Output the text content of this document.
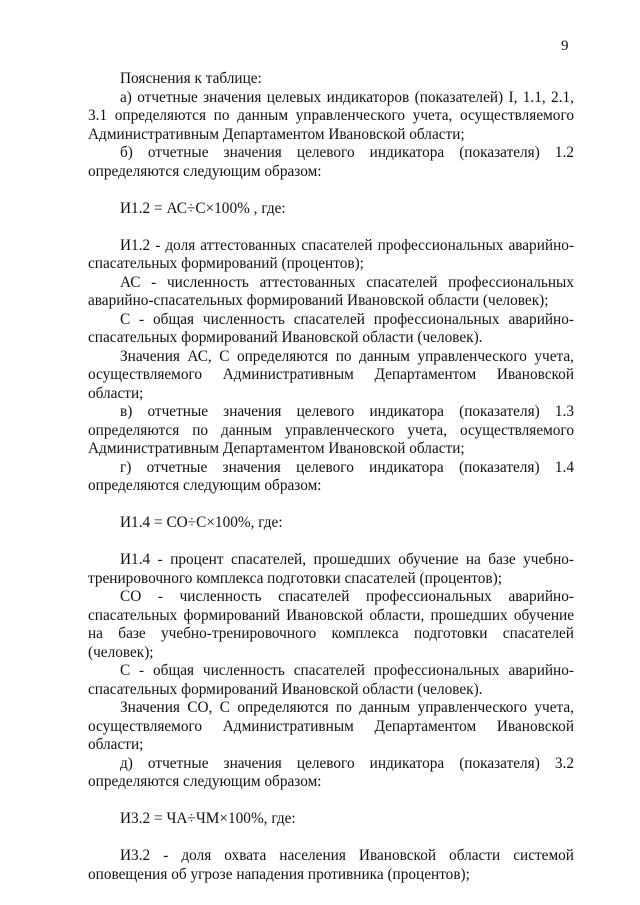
9

Пояснения к таблице:

а) отчетные значения целевых индикаторов (показателей) I, 1.1, 2.1, 3.1 определяются по данным управленческого учета, осуществляемого Административным Департаментом Ивановской области;

б) отчетные значения целевого индикатора (показателя) 1.2 определяются следующим образом:

И1.2 = АС÷С×100% , где:

И1.2 - доля аттестованных спасателей профессиональных аварийно-спасательных формирований (процентов);

АС - численность аттестованных спасателей профессиональных аварийно-спасательных формирований Ивановской области (человек);

С - общая численность спасателей профессиональных аварийно-спасательных формирований Ивановской области (человек).

Значения АС, С определяются по данным управленческого учета, осуществляемого Административным Департаментом Ивановской области;

в) отчетные значения целевого индикатора (показателя) 1.3 определяются по данным управленческого учета, осуществляемого Административным Департаментом Ивановской области;

г) отчетные значения целевого индикатора (показателя) 1.4 определяются следующим образом:

И1.4 = СО÷С×100%, где:

И1.4 - процент спасателей, прошедших обучение на базе учебно-тренировочного комплекса подготовки спасателей (процентов);

СО - численность спасателей профессиональных аварийно-спасательных формирований Ивановской области, прошедших обучение на базе учебно-тренировочного комплекса подготовки спасателей (человек);

С - общая численность спасателей профессиональных аварийно-спасательных формирований Ивановской области (человек).

Значения СО, С определяются по данным управленческого учета, осуществляемого Административным Департаментом Ивановской области;

д) отчетные значения целевого индикатора (показателя) 3.2 определяются следующим образом:

И3.2 = ЧА÷ЧМ×100%, где:

И3.2 - доля охвата населения Ивановской области системой оповещения об угрозе нападения противника (процентов);
